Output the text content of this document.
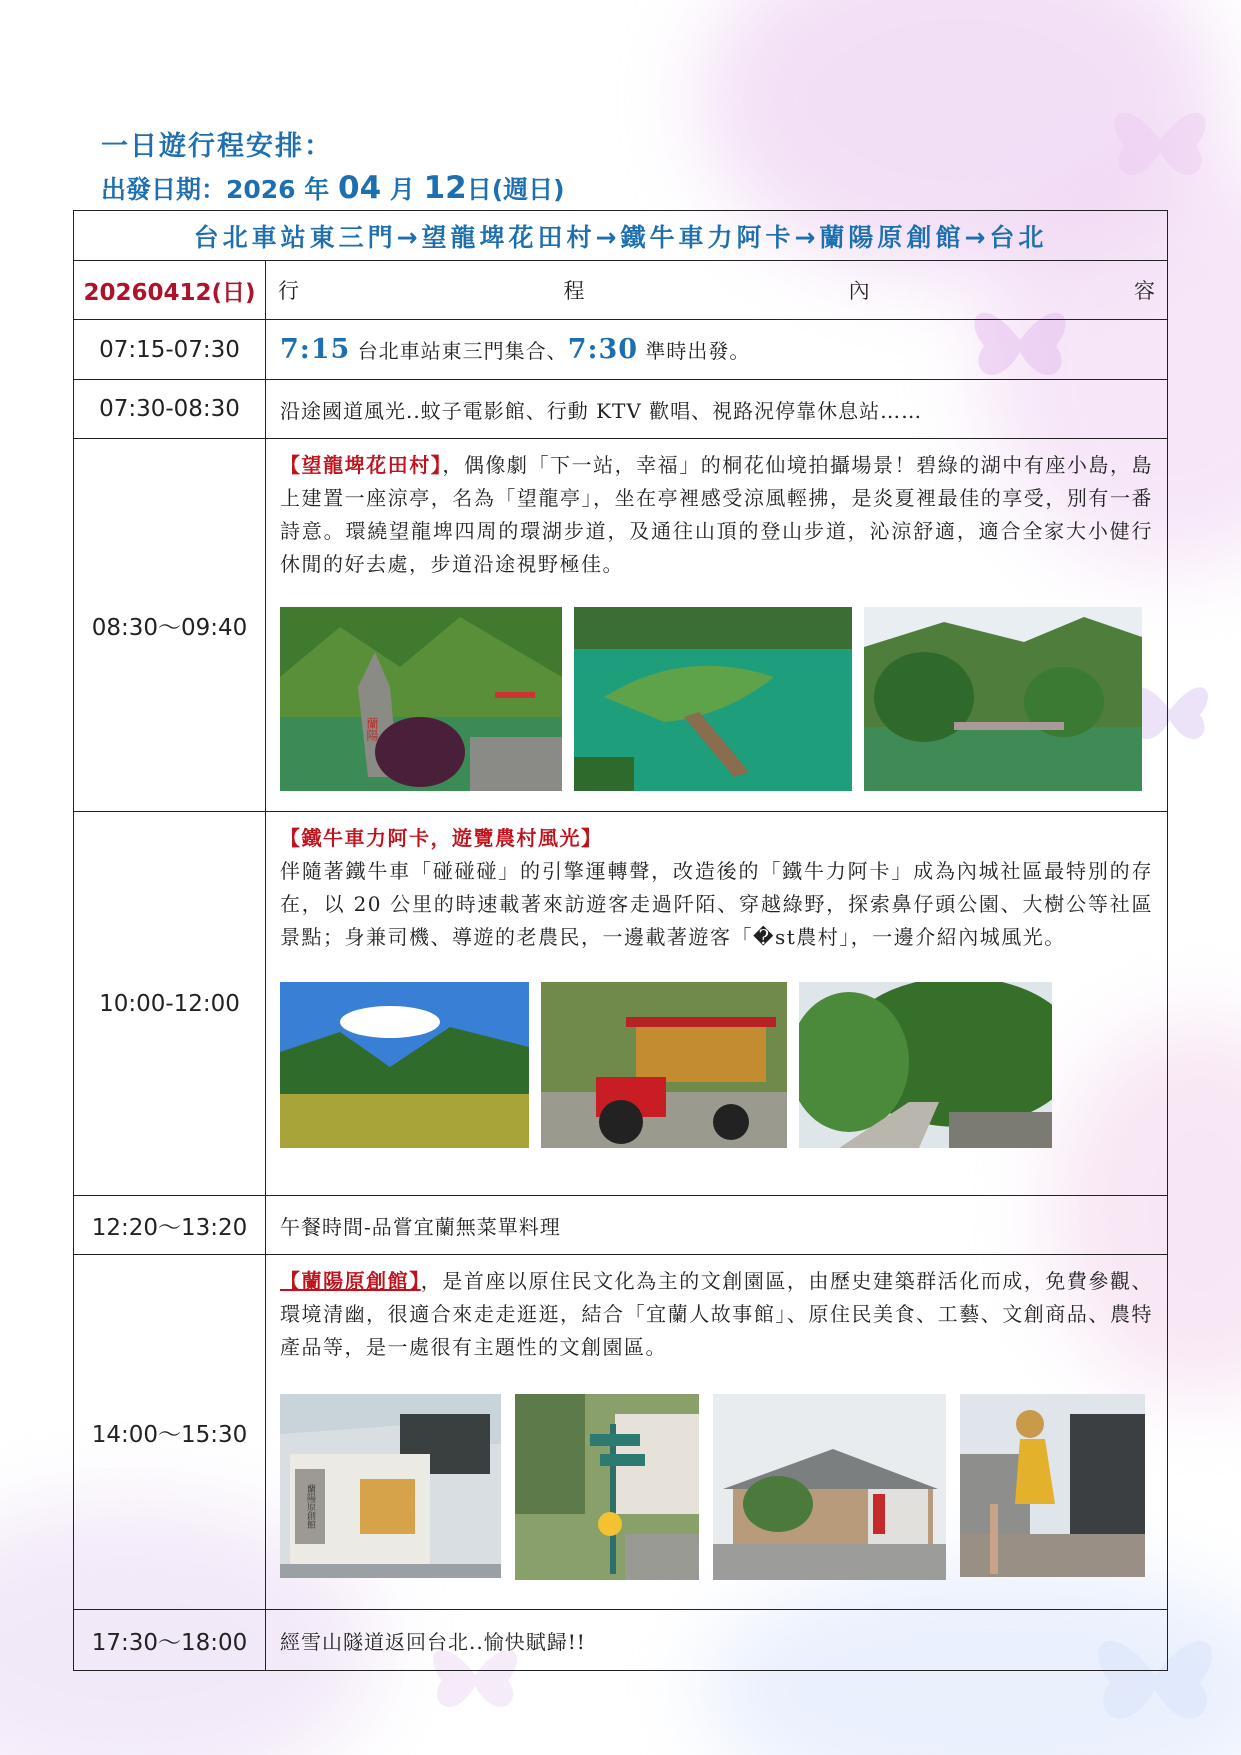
一日遊行程安排：
出發日期：2026 年 04 月 12日(週日)
台北車站東三門→望龍埤花田村→鐵牛車力阿卡→蘭陽原創館→台北	
20260412(日)	行 程 內 容

07:15-07:30	7:15 台北車站東三門集合、7:30 準時出發。
07:30-08:30	沿途國道風光..蚊子電影館、行動 KTV 歡唱、視路況停靠休息站……
08:30～09:40	【望龍埤花田村】，偶像劇「下一站，幸福」的桐花仙境拍攝場景！碧綠的湖中有座小島，島上建置一座涼亭，名為「望龍亭」，坐在亭裡感受涼風輕拂，是炎夏裡最佳的享受，別有一番詩意。環繞望龍埤四周的環湖步道，及通往山頂的登山步道，沁涼舒適，適合全家大小健行休閒的好去處，步道沿途視野極佳。
蘭陽

10:00-12:00	【鐵牛車力阿卡，遊覽農村風光】
伴隨著鐵牛車「碰碰碰」的引擎運轉聲，改造後的「鐵牛力阿卡」成為內城社區最特別的存在，以 20 公里的時速載著來訪遊客走過阡陌、穿越綠野，探索鼻仔頭公園、大樹公等社區景點；身兼司機、導遊的老農民，一邊載著遊客「�st農村」，一邊介紹內城風光。

12:20～13:20	午餐時間-品嘗宜蘭無菜單料理
14:00～15:30	【蘭陽原創館】，是首座以原住民文化為主的文創園區，由歷史建築群活化而成，免費參觀、環境清幽，很適合來走走逛逛，結合「宜蘭人故事館」、原住民美食、工藝、文創商品、農特產品等，是一處很有主題性的文創園區。
蘭陽原創館

17:30～18:00	經雪山隧道返回台北..愉快賦歸!!
